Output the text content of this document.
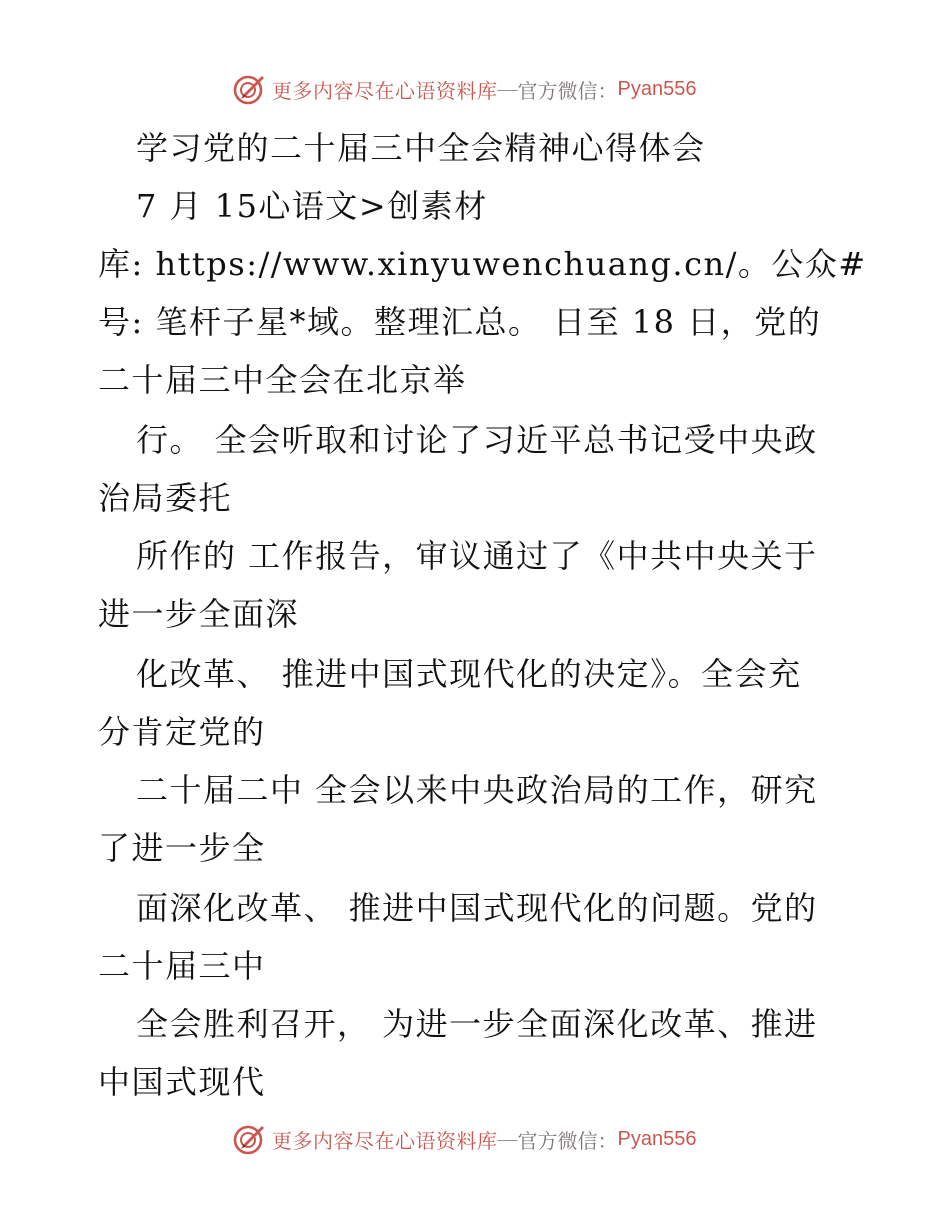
更多内容尽在心语资料库 — 官方微信： Pyan556
学习党的二十届三中全会精神心得体会
7 月 15心语文>创素材
库: https://www.xinyuwenchuang.cn/。公众#
号: 笔杆子星*域。整理汇总。 日至 18 日，党的
二十届三中全会在北京举
行。 全会听取和讨论了习近平总书记受中央政
治局委托
所作的 工作报告，审议通过了《中共中央关于
进一步全面深
化改革、 推进中国式现代化的决定》。全会充
分肯定党的
二十届二中 全会以来中央政治局的工作，研究
了进一步全
面深化改革、 推进中国式现代化的问题。党的
二十届三中
全会胜利召开， 为进一步全面深化改革、推进
中国式现代
更多内容尽在心语资料库 — 官方微信： Pyan556
